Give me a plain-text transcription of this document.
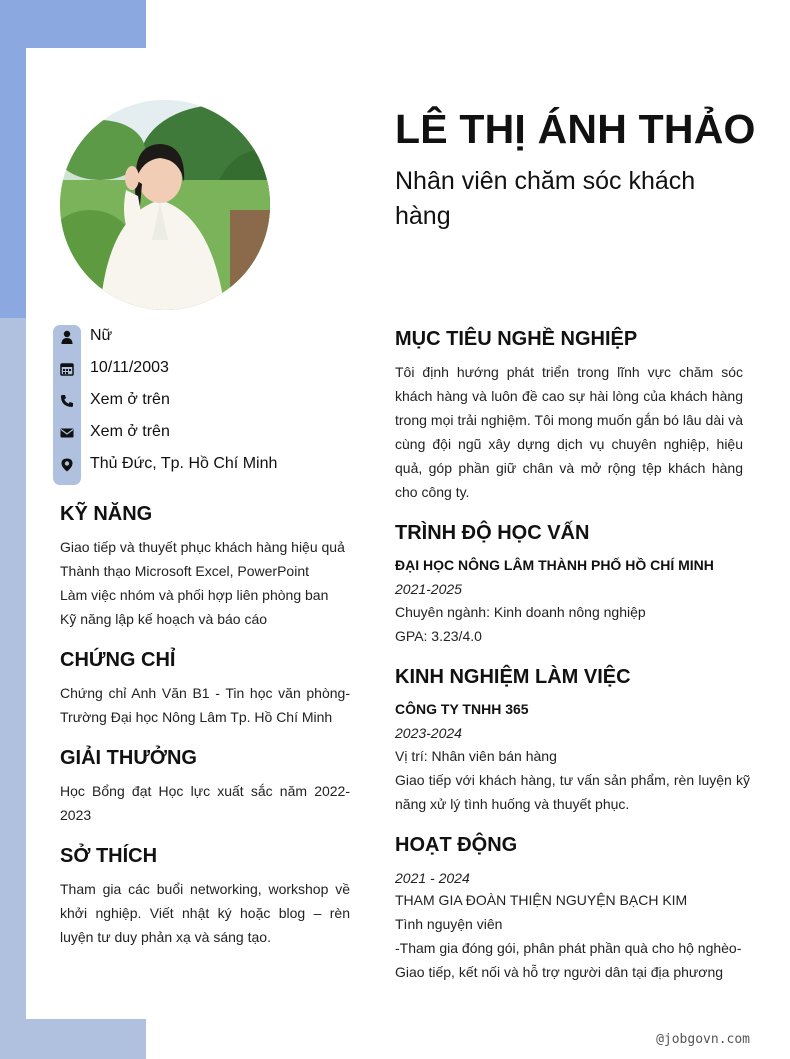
LÊ THỊ ÁNH THẢO
Nhân viên chăm sóc khách hàng
Nữ
10/11/2003
Xem ở trên
Xem ở trên
Thủ Đức, Tp. Hồ Chí Minh
KỸ NĂNG
Giao tiếp và thuyết phục khách hàng hiệu quả
Thành thạo Microsoft Excel, PowerPoint
Làm việc nhóm và phối hợp liên phòng ban
Kỹ năng lập kế hoạch và báo cáo
CHỨNG CHỈ
Chứng chỉ Anh Văn B1 - Tin học văn phòng- Trường Đại học Nông Lâm Tp. Hồ Chí Minh
GIẢI THƯỞNG
Học Bổng đạt Học lực xuất sắc năm 2022-2023
SỞ THÍCH
Tham gia các buổi networking, workshop về khởi nghiệp. Viết nhật ký hoặc blog – rèn luyện tư duy phản xạ và sáng tạo.
MỤC TIÊU NGHỀ NGHIỆP
Tôi định hướng phát triển trong lĩnh vực chăm sóc khách hàng và luôn đề cao sự hài lòng của khách hàng trong mọi trải nghiệm. Tôi mong muốn gắn bó lâu dài và cùng đội ngũ xây dựng dịch vụ chuyên nghiệp, hiệu quả, góp phần giữ chân và mở rộng tệp khách hàng cho công ty.
TRÌNH ĐỘ HỌC VẤN
ĐẠI HỌC NÔNG LÂM THÀNH PHỐ HỒ CHÍ MINH
2021-2025
Chuyên ngành: Kinh doanh nông nghiệp
GPA: 3.23/4.0
KINH NGHIỆM LÀM VIỆC
CÔNG TY TNHH 365
2023-2024
Vị trí: Nhân viên bán hàng
Giao tiếp với khách hàng, tư vấn sản phẩm, rèn luyện kỹ năng xử lý tình huống và thuyết phục.
HOẠT ĐỘNG
2021 - 2024
THAM GIA ĐOÀN THIỆN NGUYỆN BẠCH KIM
Tình nguyện viên
-Tham gia đóng gói, phân phát phần quà cho hộ nghèo-
Giao tiếp, kết nối và hỗ trợ người dân tại địa phương
@jobgovn.com
